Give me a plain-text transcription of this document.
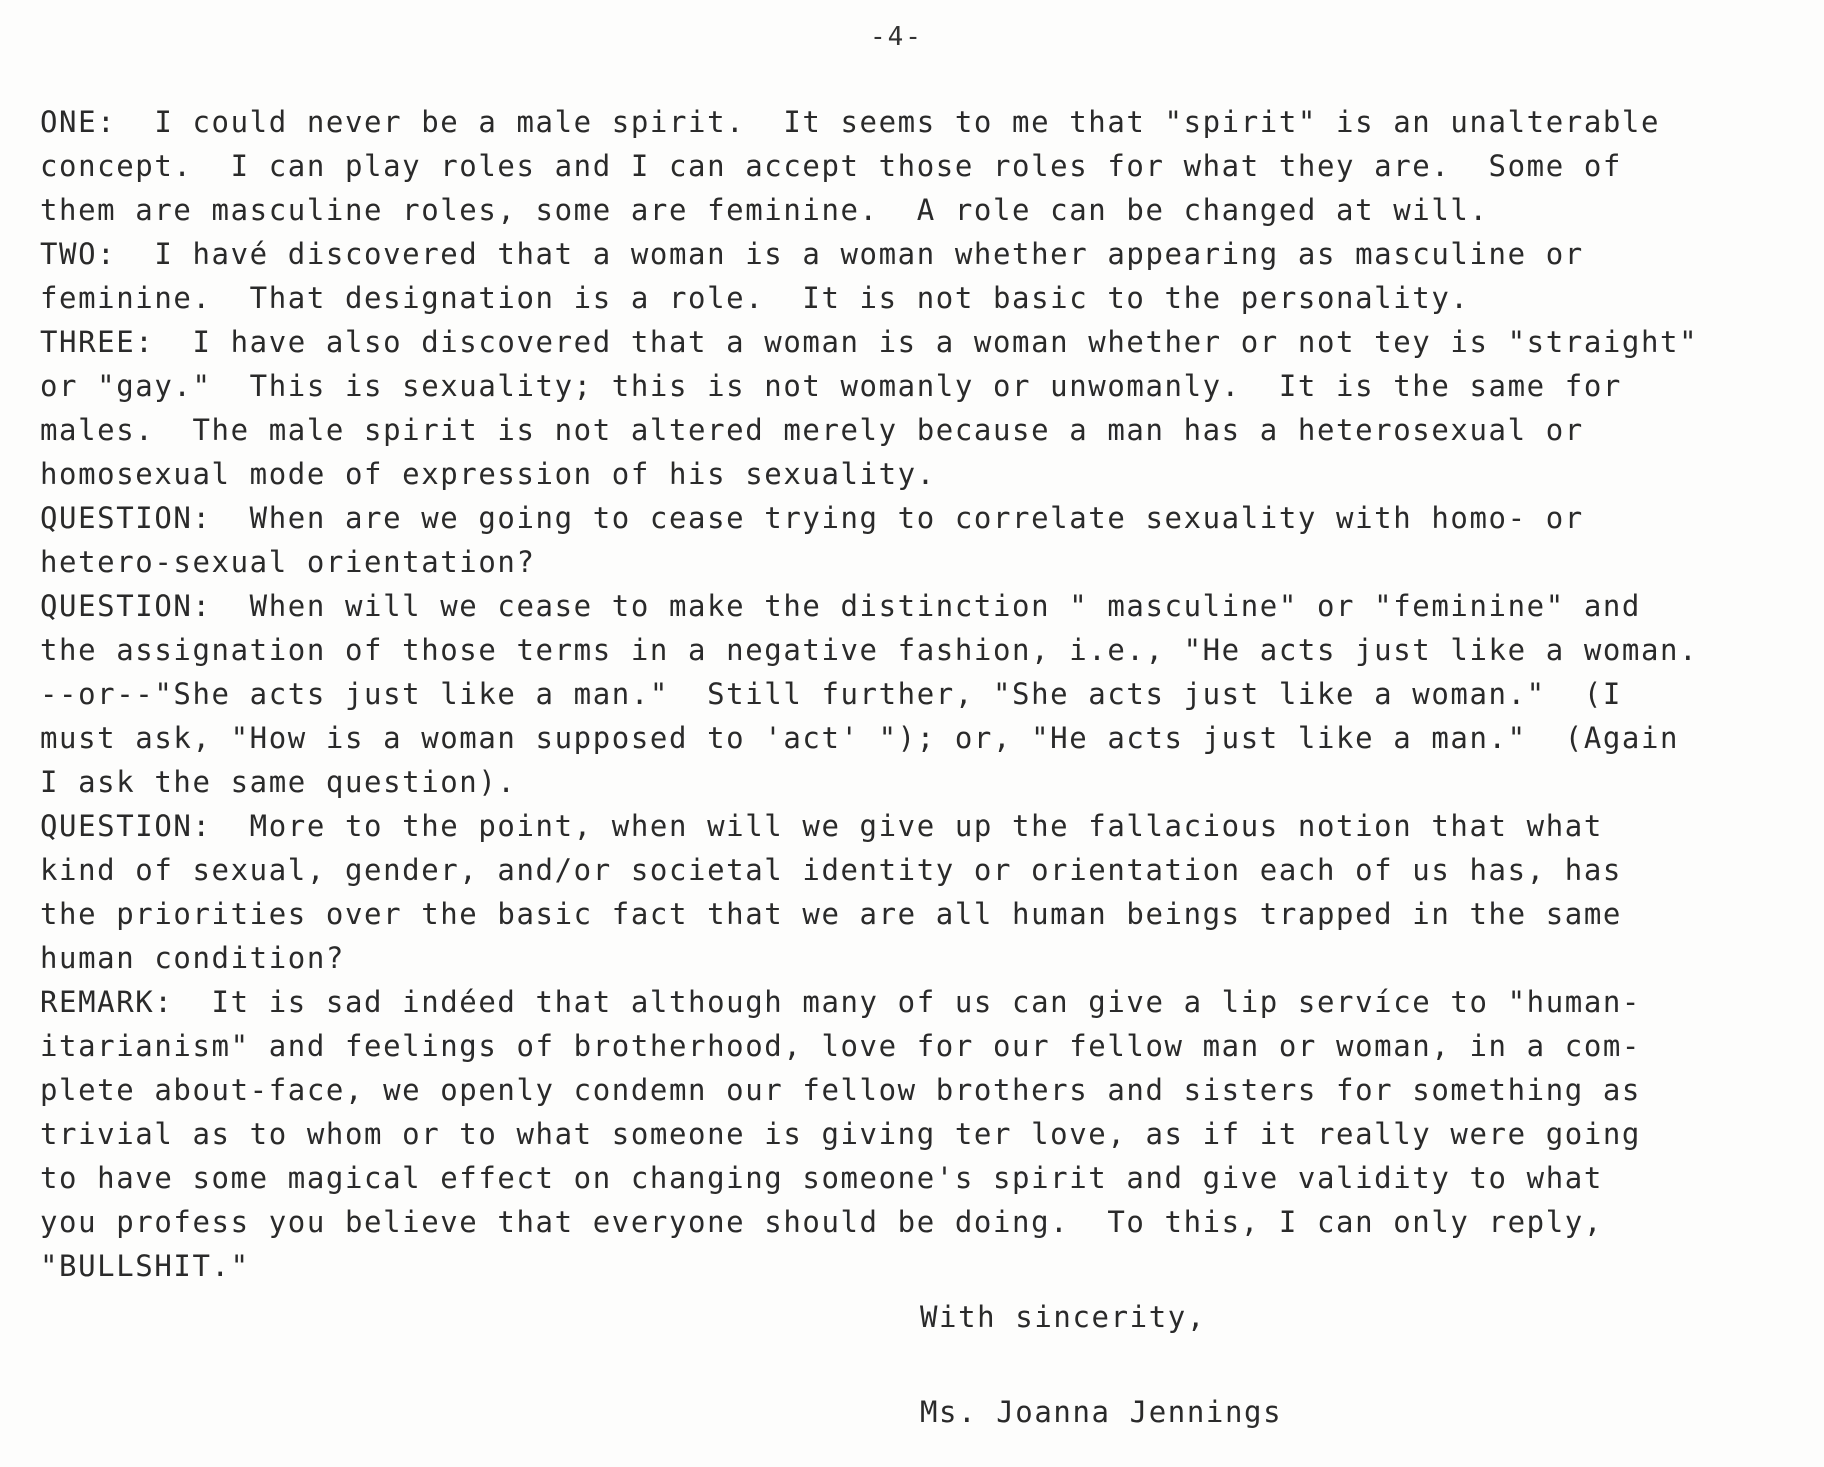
-4-
ONE:  I could never be a male spirit.  It seems to me that "spirit" is an unalterable
concept.  I can play roles and I can accept those roles for what they are.  Some of
them are masculine roles, some are feminine.  A role can be changed at will.
TWO:  I havé discovered that a woman is a woman whether appearing as masculine or
feminine.  That designation is a role.  It is not basic to the personality.
THREE:  I have also discovered that a woman is a woman whether or not tey is "straight"
or "gay."  This is sexuality; this is not womanly or unwomanly.  It is the same for
males.  The male spirit is not altered merely because a man has a heterosexual or
homosexual mode of expression of his sexuality.
QUESTION:  When are we going to cease trying to correlate sexuality with homo- or
hetero-sexual orientation?
QUESTION:  When will we cease to make the distinction " masculine" or "feminine" and
the assignation of those terms in a negative fashion, i.e., "He acts just like a woman.
--or--"She acts just like a man."  Still further, "She acts just like a woman."  (I
must ask, "How is a woman supposed to 'act' "); or, "He acts just like a man."  (Again
I ask the same question).
QUESTION:  More to the point, when will we give up the fallacious notion that what
kind of sexual, gender, and/or societal identity or orientation each of us has, has
the priorities over the basic fact that we are all human beings trapped in the same
human condition?
REMARK:  It is sad indéed that although many of us can give a lip servíce to "human-
itarianism" and feelings of brotherhood, love for our fellow man or woman, in a com-
plete about-face, we openly condemn our fellow brothers and sisters for something as
trivial as to whom or to what someone is giving ter love, as if it really were going
to have some magical effect on changing someone's spirit and give validity to what
you profess you believe that everyone should be doing.  To this, I can only reply,
"BULLSHIT."
With sincerity,
Ms. Joanna Jennings
